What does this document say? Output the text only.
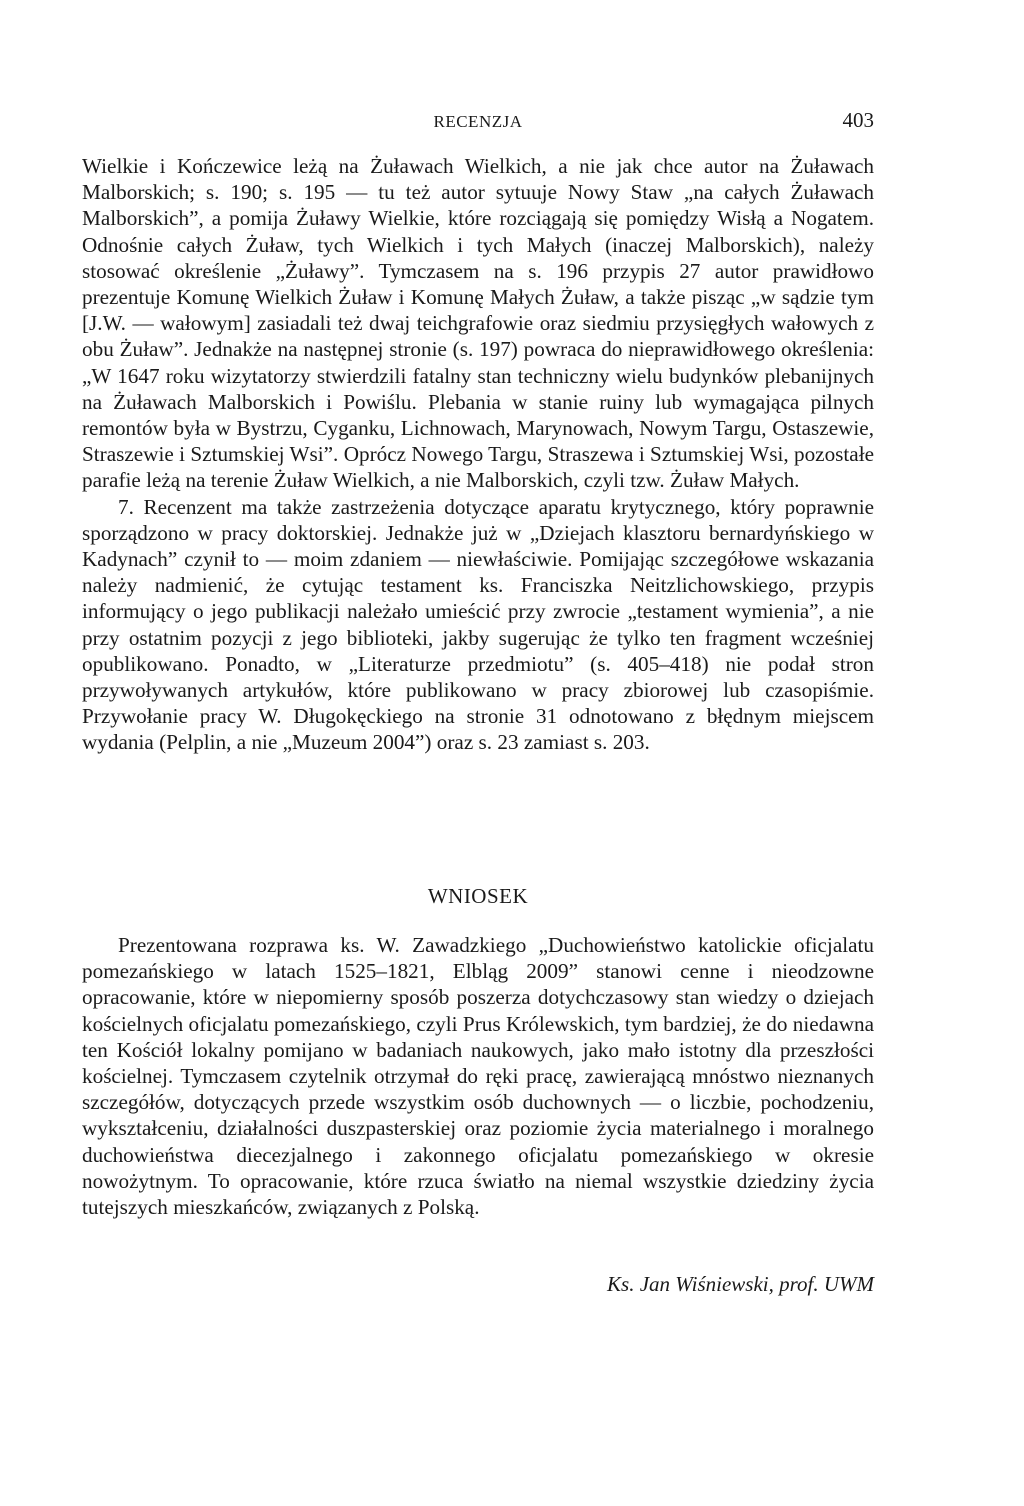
RECENZJA	403

Wielkie i Kończewice leżą na Żuławach Wielkich, a nie jak chce autor na Żuławach Malborskich; s. 190; s. 195 — tu też autor sytuuje Nowy Staw „na całych Żuławach Malborskich”, a pomija Żuławy Wielkie, które rozciągają się pomiędzy Wisłą a Nogatem. Odnośnie całych Żuław, tych Wielkich i tych Małych (inaczej Malborskich), należy stosować określenie „Żuławy”. Tymczasem na s. 196 przypis 27 autor prawidłowo prezentuje Komunę Wielkich Żuław i Komunę Małych Żuław, a także pisząc „w sądzie tym [J.W. — wałowym] zasiadali też dwaj teichgrafowie oraz siedmiu przysięgłych wałowych z obu Żuław”. Jednakże na następnej stronie (s. 197) powraca do nieprawidłowego określenia: „W 1647 roku wizytatorzy stwierdzili fatalny stan techniczny wielu budynków plebanijnych na Żuławach Malborskich i Powiślu. Plebania w stanie ruiny lub wymagająca pilnych remontów była w Bystrzu, Cyganku, Lichnowach, Marynowach, Nowym Targu, Ostaszewie, Straszewie i Sztumskiej Wsi”. Oprócz Nowego Targu, Straszewa i Sztumskiej Wsi, pozostałe parafie leżą na terenie Żuław Wielkich, a nie Malborskich, czyli tzw. Żuław Małych.

7. Recenzent ma także zastrzeżenia dotyczące aparatu krytycznego, który poprawnie sporządzono w pracy doktorskiej. Jednakże już w „Dziejach klasztoru bernardyńskiego w Kadynach” czynił to — moim zdaniem — niewłaściwie. Pomijając szczegółowe wskazania należy nadmienić, że cytując testament ks. Franciszka Neitzlichowskiego, przypis informujący o jego publikacji należało umieścić przy zwrocie „testament wymienia”, a nie przy ostatnim pozycji z jego biblioteki, jakby sugerując że tylko ten fragment wcześniej opublikowano. Ponadto, w „Literaturze przedmiotu” (s. 405–418) nie podał stron przywoływanych artykułów, które publikowano w pracy zbiorowej lub czasopiśmie. Przywołanie pracy W. Długokęckiego na stronie 31 odnotowano z błędnym miejscem wydania (Pelplin, a nie „Muzeum 2004”) oraz s. 23 zamiast s. 203.

WNIOSEK

Prezentowana rozprawa ks. W. Zawadzkiego „Duchowieństwo katolickie oficjalatu pomezańskiego w latach 1525–1821, Elbląg 2009” stanowi cenne i nieodzowne opracowanie, które w niepomierny sposób poszerza dotychczasowy stan wiedzy o dziejach kościelnych oficjalatu pomezańskiego, czyli Prus Królewskich, tym bardziej, że do niedawna ten Kościół lokalny pomijano w badaniach naukowych, jako mało istotny dla przeszłości kościelnej. Tymczasem czytelnik otrzymał do ręki pracę, zawierającą mnóstwo nieznanych szczegółów, dotyczących przede wszystkim osób duchownych — o liczbie, pochodzeniu, wykształceniu, działalności duszpasterskiej oraz poziomie życia materialnego i moralnego duchowieństwa diecezjalnego i zakonnego oficjalatu pomezańskiego w okresie nowożytnym. To opracowanie, które rzuca światło na niemal wszystkie dziedziny życia tutejszych mieszkańców, związanych z Polską.

Ks. Jan Wiśniewski, prof. UWM
